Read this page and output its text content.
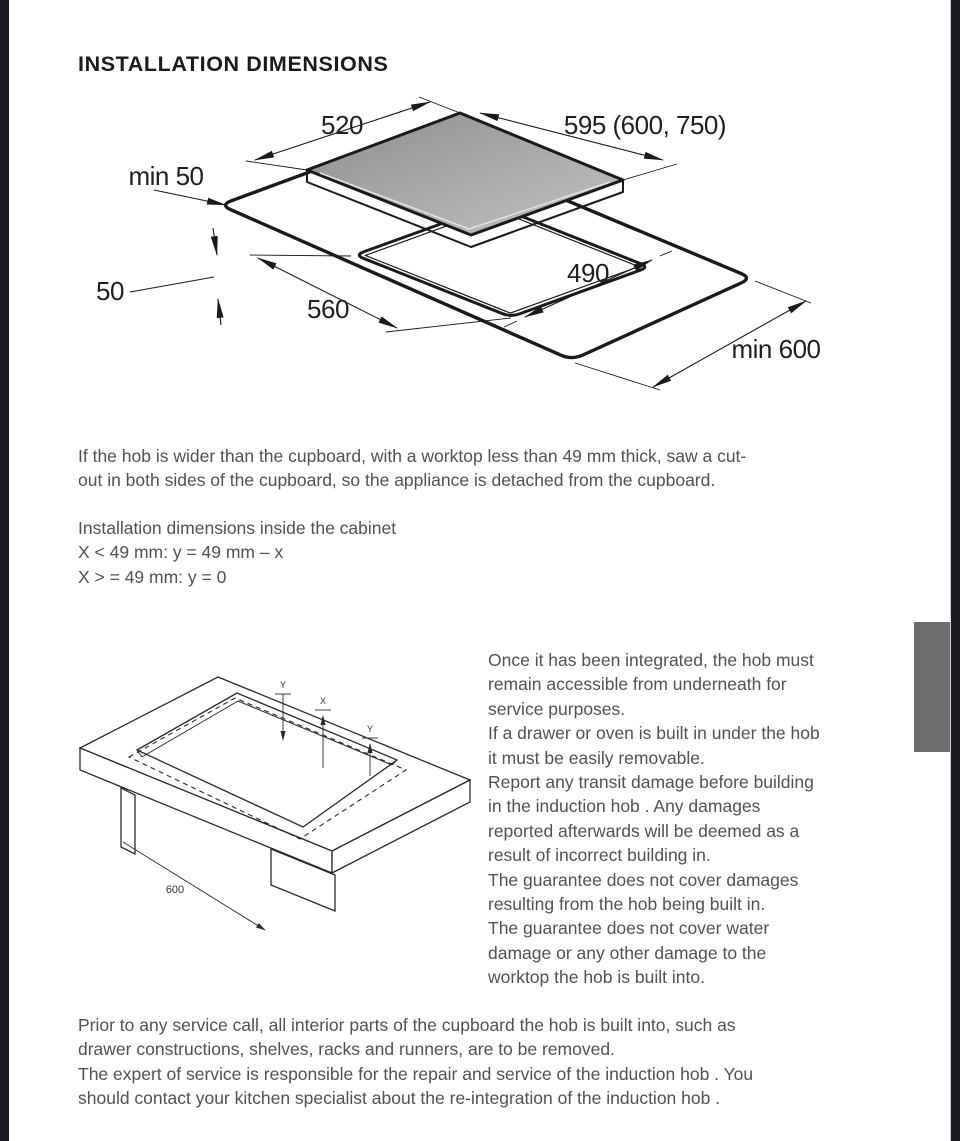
INSTALLATION DIMENSIONS
520	595 (600, 750)
min 50
50
560
490
min 600
If the hob is wider than the cupboard, with a worktop less than 49 mm thick, saw a cut-
out in both sides of the cupboard, so the appliance is detached from the cupboard.
Installation dimensions inside the cabinet
X < 49 mm: y = 49 mm – x
X > = 49 mm: y = 0
Y
X
Y
600
Once it has been integrated, the hob must
remain accessible from underneath for
service purposes.
If a drawer or oven is built in under the hob
it must be easily removable.
Report any transit damage before building
in the induction hob . Any damages
reported afterwards will be deemed as a
result of incorrect building in.
The guarantee does not cover damages
resulting from the hob being built in.
The guarantee does not cover water
damage or any other damage to the
worktop the hob is built into.
Prior to any service call, all interior parts of the cupboard the hob is built into, such as
drawer constructions, shelves, racks and runners, are to be removed.
The expert of service is responsible for the repair and service of the induction hob . You
should contact your kitchen specialist about the re-integration of the induction hob .
